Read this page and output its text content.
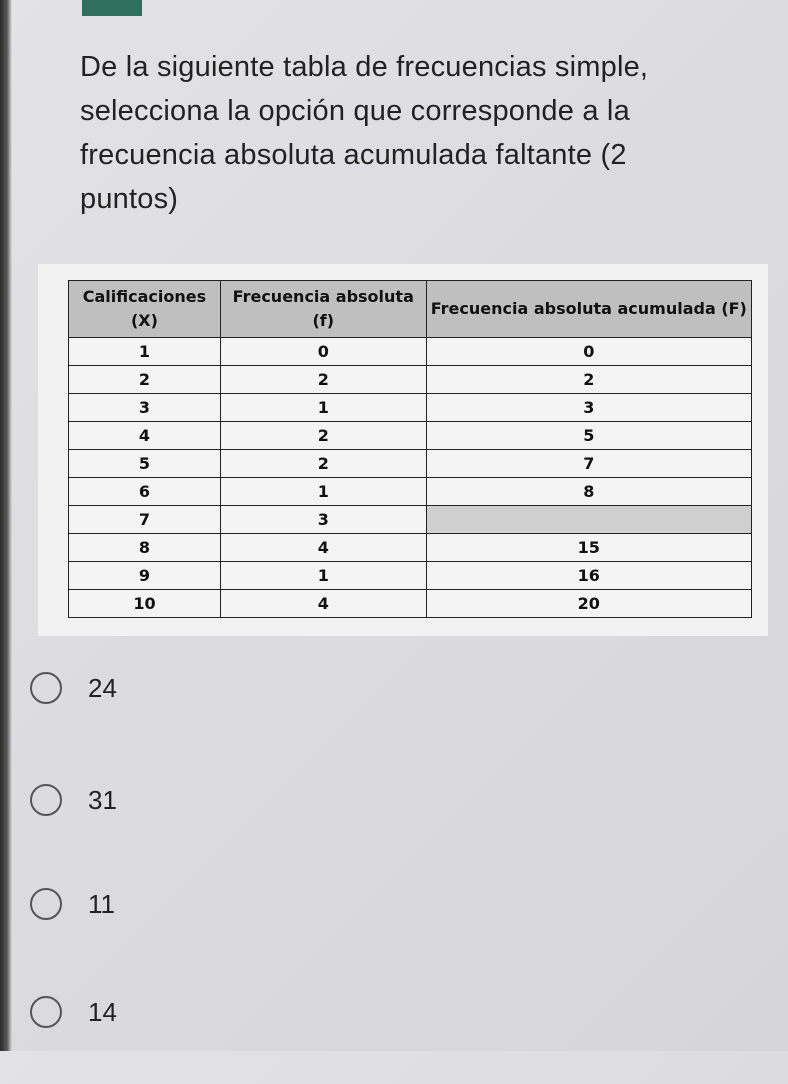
De la siguiente tabla de frecuencias simple, selecciona la opción que corresponde a la frecuencia absoluta acumulada faltante (2 puntos)

Calificaciones (X)	Frecuencia absoluta (f)	Frecuencia absoluta acumulada (F)
1	0	0
2	2	2
3	1	3
4	2	5
5	2	7
6	1	8
7	3	
8	4	15
9	1	16
10	4	20
24
31
11
14
